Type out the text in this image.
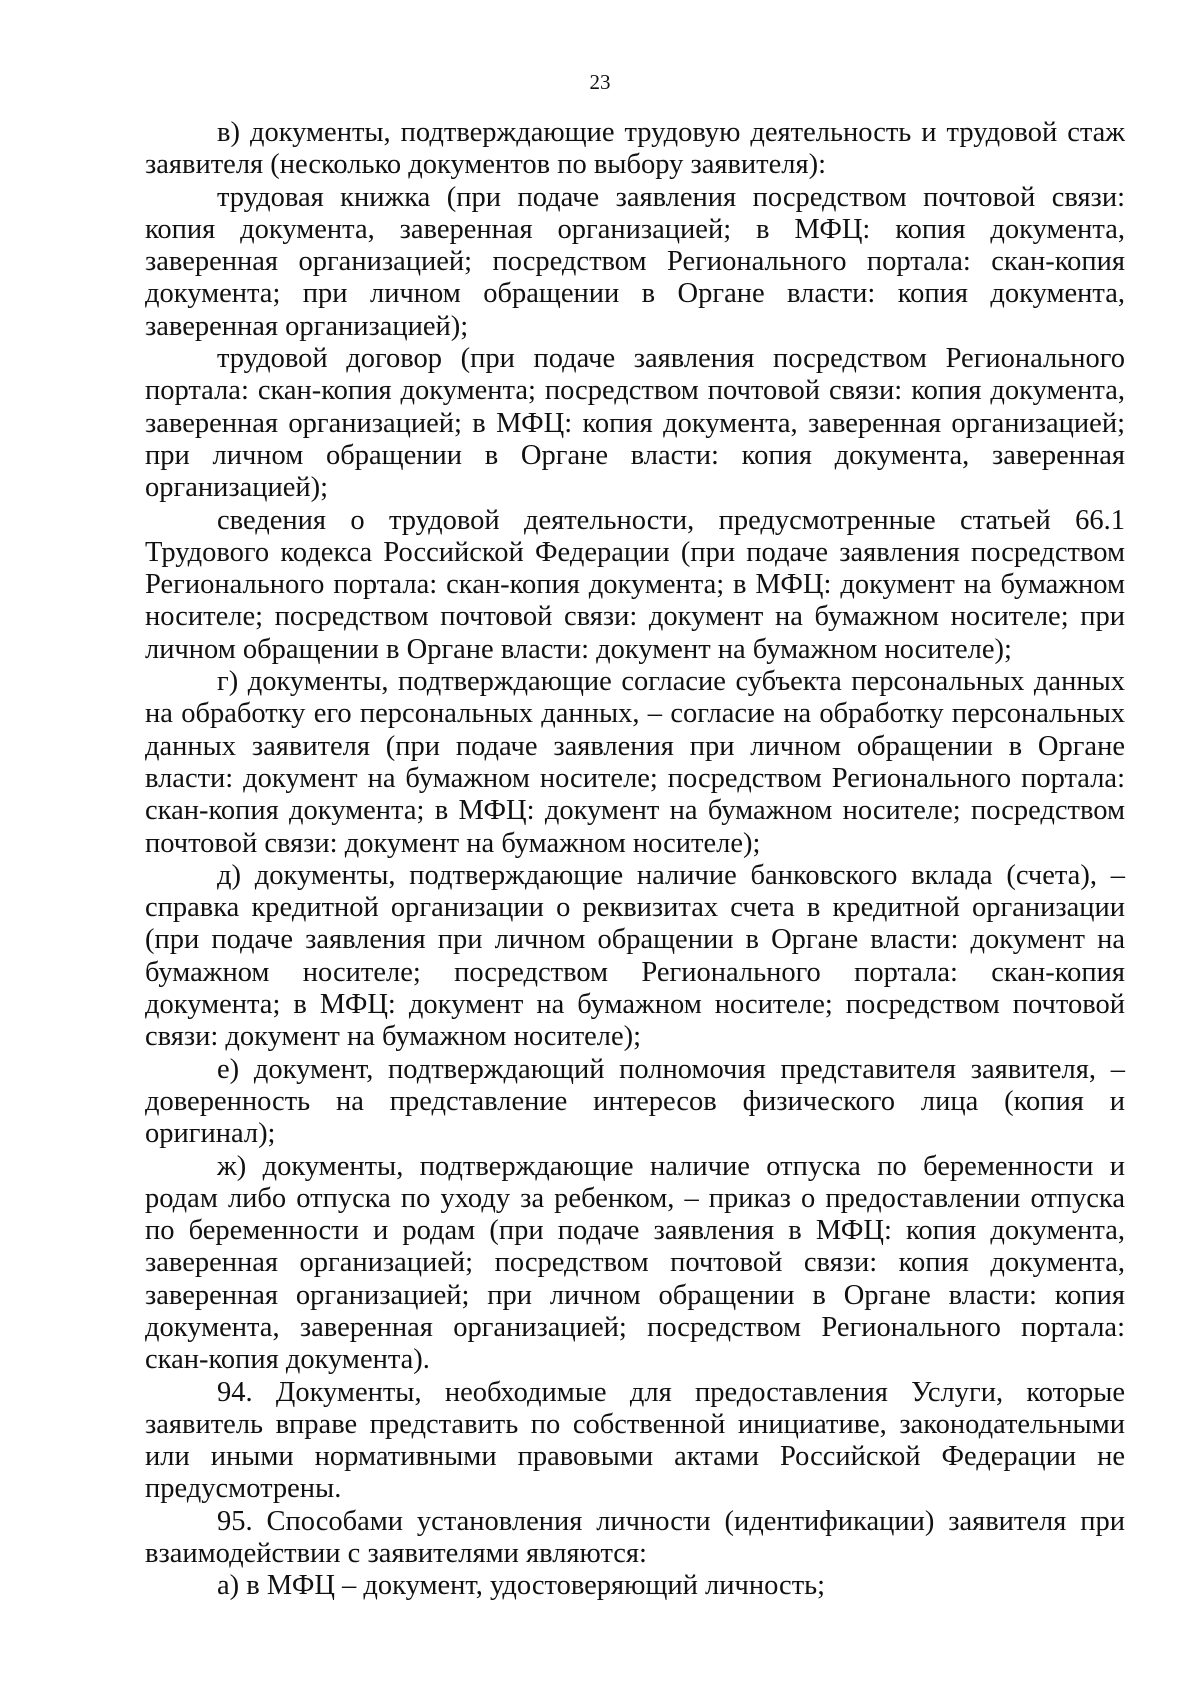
23

в) документы, подтверждающие трудовую деятельность и трудовой стаж заявителя (несколько документов по выбору заявителя):

трудовая книжка (при подаче заявления посредством почтовой связи: копия документа, заверенная организацией; в МФЦ: копия документа, заверенная организацией; посредством Регионального портала: скан-копия документа; при личном обращении в Органе власти: копия документа, заверенная организацией);

трудовой договор (при подаче заявления посредством Регионального портала: скан-копия документа; посредством почтовой связи: копия документа, заверенная организацией; в МФЦ: копия документа, заверенная организацией; при личном обращении в Органе власти: копия документа, заверенная организацией);

сведения о трудовой деятельности, предусмотренные статьей 66.1 Трудового кодекса Российской Федерации (при подаче заявления посредством Регионального портала: скан-копия документа; в МФЦ: документ на бумажном носителе; посредством почтовой связи: документ на бумажном носителе; при личном обращении в Органе власти: документ на бумажном носителе);

г) документы, подтверждающие согласие субъекта персональных данных на обработку его персональных данных, – согласие на обработку персональных данных заявителя (при подаче заявления при личном обращении в Органе власти: документ на бумажном носителе; посредством Регионального портала: скан-копия документа; в МФЦ: документ на бумажном носителе; посредством почтовой связи: документ на бумажном носителе);

д) документы, подтверждающие наличие банковского вклада (счета), – справка кредитной организации о реквизитах счета в кредитной организации (при подаче заявления при личном обращении в Органе власти: документ на бумажном носителе; посредством Регионального портала: скан-копия документа; в МФЦ: документ на бумажном носителе; посредством почтовой связи: документ на бумажном носителе);

е) документ, подтверждающий полномочия представителя заявителя, – доверенность на представление интересов физического лица (копия и оригинал);

ж) документы, подтверждающие наличие отпуска по беременности и родам либо отпуска по уходу за ребенком, – приказ о предоставлении отпуска по беременности и родам (при подаче заявления в МФЦ: копия документа, заверенная организацией; посредством почтовой связи: копия документа, заверенная организацией; при личном обращении в Органе власти: копия документа, заверенная организацией; посредством Регионального портала: скан-копия документа).

94. Документы, необходимые для предоставления Услуги, которые заявитель вправе представить по собственной инициативе, законодательными или иными нормативными правовыми актами Российской Федерации не предусмотрены.

95. Способами установления личности (идентификации) заявителя при взаимодействии с заявителями являются:

а) в МФЦ – документ, удостоверяющий личность;
